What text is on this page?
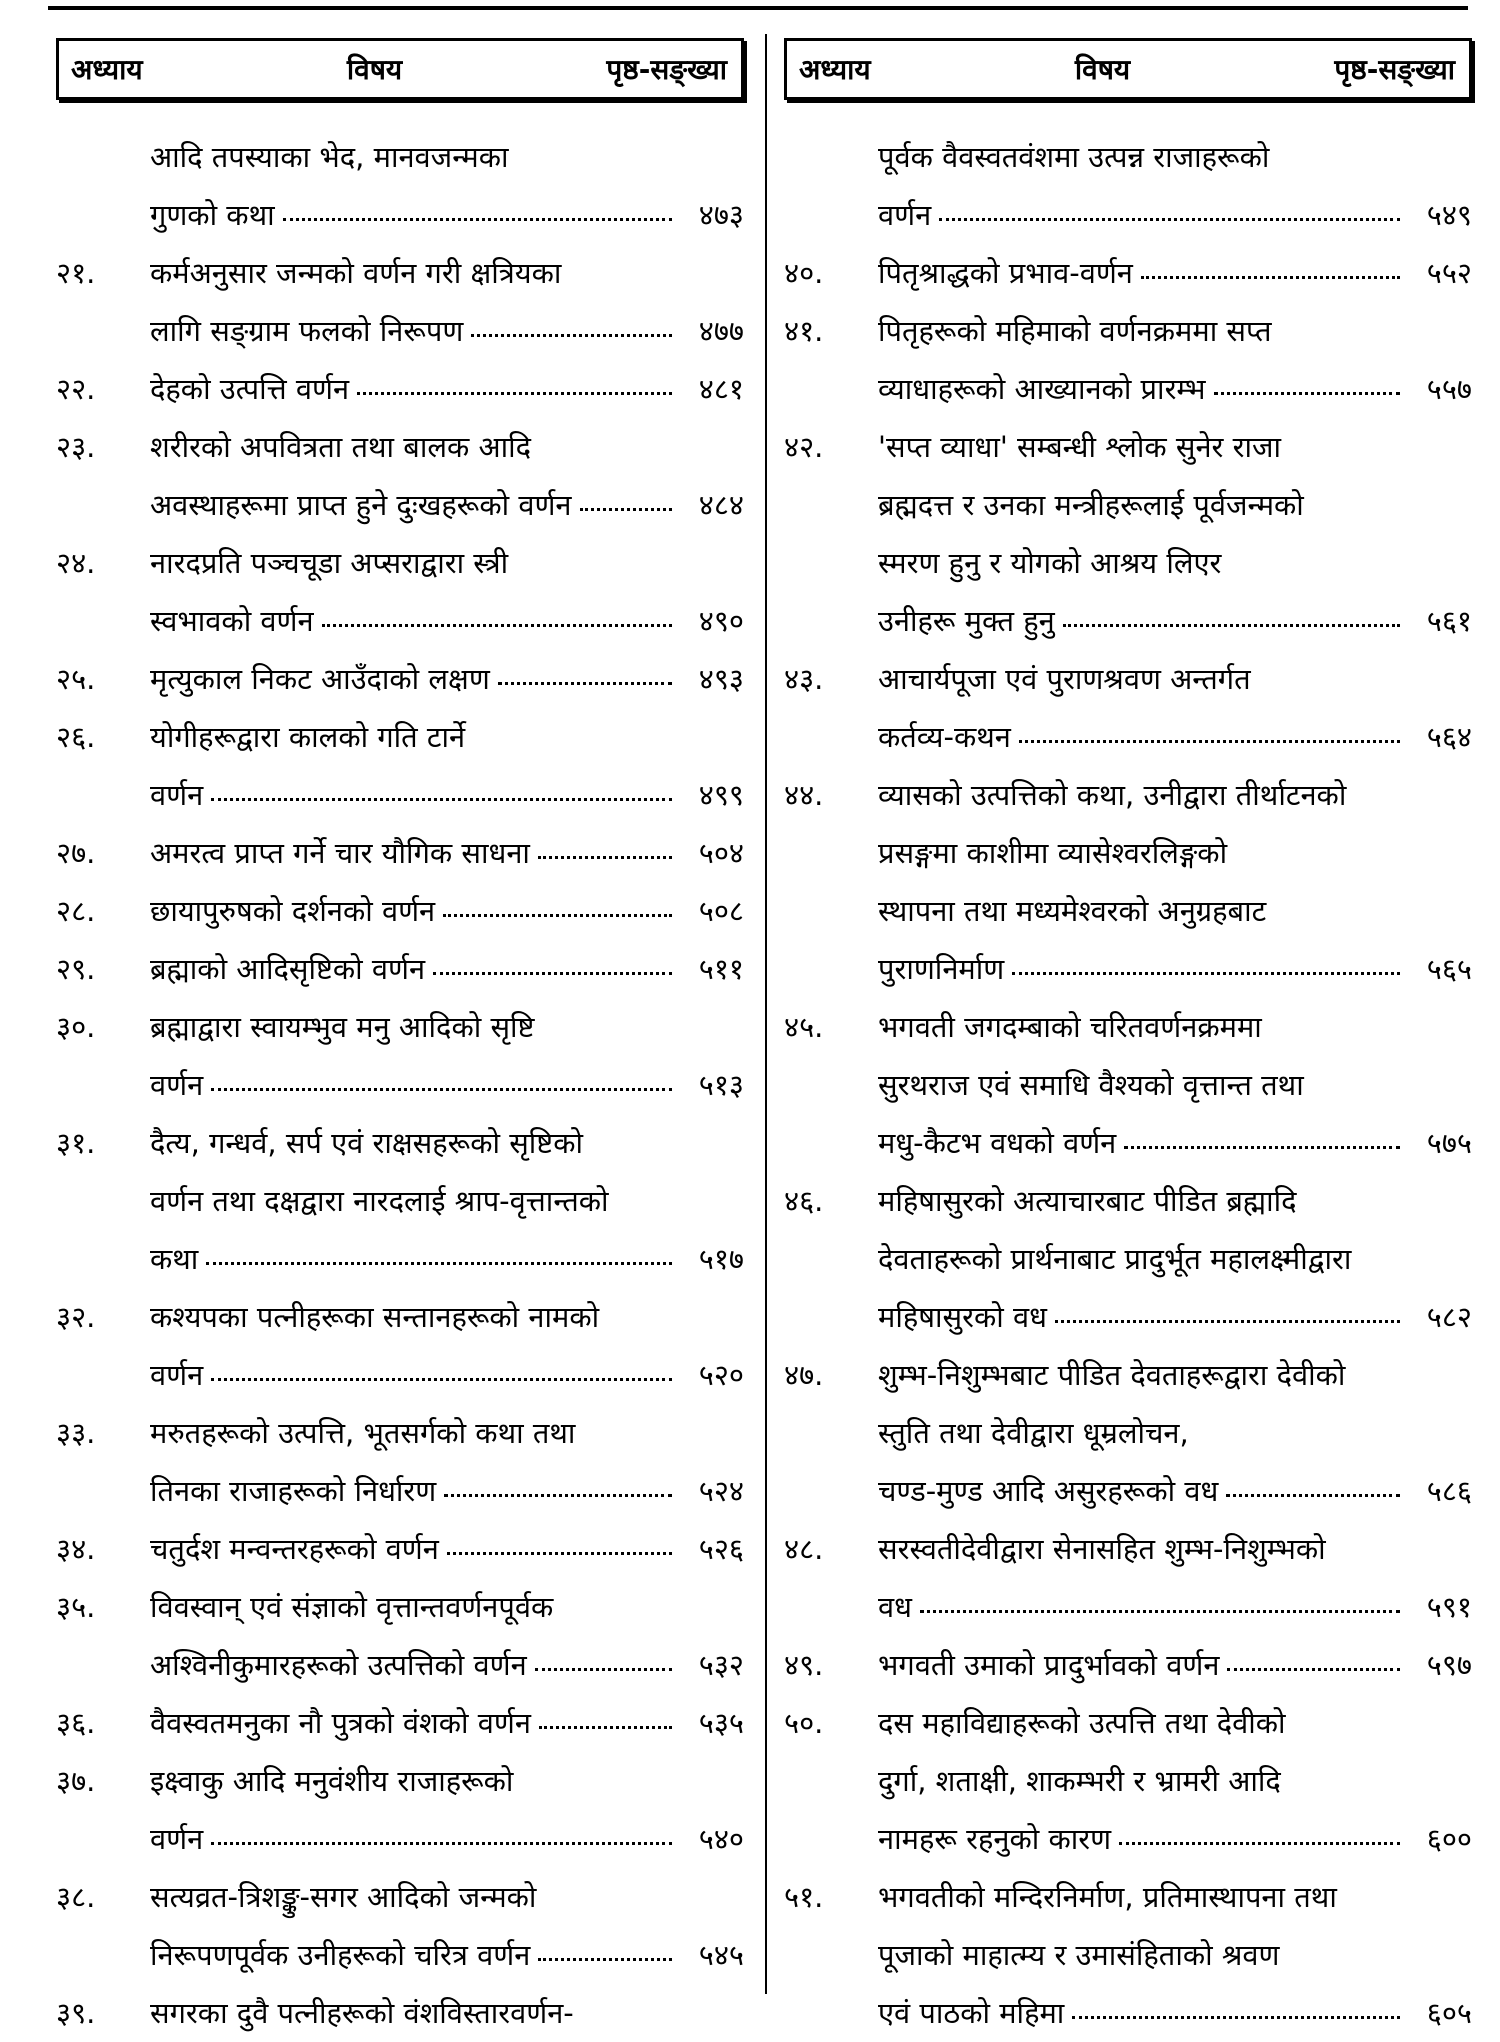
अध्याय	विषय	पृष्ठ-सङ्ख्या
आदि तपस्याका भेद, मानवजन्मका
गुणको कथा	४७३
२१.	कर्मअनुसार जन्मको वर्णन गरी क्षत्रियका
लागि सङ्ग्राम फलको निरूपण	४७७
२२.	देहको उत्पत्ति वर्णन	४८१
२३.	शरीरको अपवित्रता तथा बालक आदि
अवस्थाहरूमा प्राप्त हुने दुःखहरूको वर्णन	४८४
२४.	नारदप्रति पञ्चचूडा अप्सराद्वारा स्त्री
स्वभावको वर्णन	४९०
२५.	मृत्युकाल निकट आउँदाको लक्षण	४९३
२६.	योगीहरूद्वारा कालको गति टार्ने
वर्णन	४९९
२७.	अमरत्व प्राप्त गर्ने चार यौगिक साधना	५०४
२८.	छायापुरुषको दर्शनको वर्णन	५०८
२९.	ब्रह्माको आदिसृष्टिको वर्णन	५११
३०.	ब्रह्माद्वारा स्वायम्भुव मनु आदिको सृष्टि
वर्णन	५१३
३१.	दैत्य, गन्धर्व, सर्प एवं राक्षसहरूको सृष्टिको
वर्णन तथा दक्षद्वारा नारदलाई श्राप-वृत्तान्तको
कथा	५१७
३२.	कश्यपका पत्नीहरूका सन्तानहरूको नामको
वर्णन	५२०
३३.	मरुतहरूको उत्पत्ति, भूतसर्गको कथा तथा
तिनका राजाहरूको निर्धारण	५२४
३४.	चतुर्दश मन्वन्तरहरूको वर्णन	५२६
३५.	विवस्वान् एवं संज्ञाको वृत्तान्तवर्णनपूर्वक
अश्विनीकुमारहरूको उत्पत्तिको वर्णन	५३२
३६.	वैवस्वतमनुका नौ पुत्रको वंशको वर्णन	५३५
३७.	इक्ष्वाकु आदि मनुवंशीय राजाहरूको
वर्णन	५४०
३८.	सत्यव्रत-त्रिशङ्कु-सगर आदिको जन्मको
निरूपणपूर्वक उनीहरूको चरित्र वर्णन	५४५
३९.	सगरका दुवै पत्नीहरूको वंशविस्तारवर्णन-
अध्याय	विषय	पृष्ठ-सङ्ख्या
पूर्वक वैवस्वतवंशमा उत्पन्न राजाहरूको
वर्णन	५४९
४०.	पितृश्राद्धको प्रभाव-वर्णन	५५२
४१.	पितृहरूको महिमाको वर्णनक्रममा सप्त
व्याधाहरूको आख्यानको प्रारम्भ	५५७
४२.	'सप्त व्याधा' सम्बन्धी श्लोक सुनेर राजा
ब्रह्मदत्त र उनका मन्त्रीहरूलाई पूर्वजन्मको
स्मरण हुनु र योगको आश्रय लिएर
उनीहरू मुक्त हुनु	५६१
४३.	आचार्यपूजा एवं पुराणश्रवण अन्तर्गत
कर्तव्य-कथन	५६४
४४.	व्यासको उत्पत्तिको कथा, उनीद्वारा तीर्थाटनको
प्रसङ्गमा काशीमा व्यासेश्वरलिङ्गको
स्थापना तथा मध्यमेश्वरको अनुग्रहबाट
पुराणनिर्माण	५६५
४५.	भगवती जगदम्बाको चरितवर्णनक्रममा
सुरथराज एवं समाधि वैश्यको वृत्तान्त तथा
मधु-कैटभ वधको वर्णन	५७५
४६.	महिषासुरको अत्याचारबाट पीडित ब्रह्मादि
देवताहरूको प्रार्थनाबाट प्रादुर्भूत महालक्ष्मीद्वारा
महिषासुरको वध	५८२
४७.	शुम्भ-निशुम्भबाट पीडित देवताहरूद्वारा देवीको
स्तुति तथा देवीद्वारा धूम्रलोचन,
चण्ड-मुण्ड आदि असुरहरूको वध	५८६
४८.	सरस्वतीदेवीद्वारा सेनासहित शुम्भ-निशुम्भको
वध	५९१
४९.	भगवती उमाको प्रादुर्भावको वर्णन	५९७
५०.	दस महाविद्याहरूको उत्पत्ति तथा देवीको
दुर्गा, शताक्षी, शाकम्भरी र भ्रामरी आदि
नामहरू रहनुको कारण	६००
५१.	भगवतीको मन्दिरनिर्माण, प्रतिमास्थापना तथा
पूजाको माहात्म्य र उमासंहिताको श्रवण
एवं पाठको महिमा	६०५
